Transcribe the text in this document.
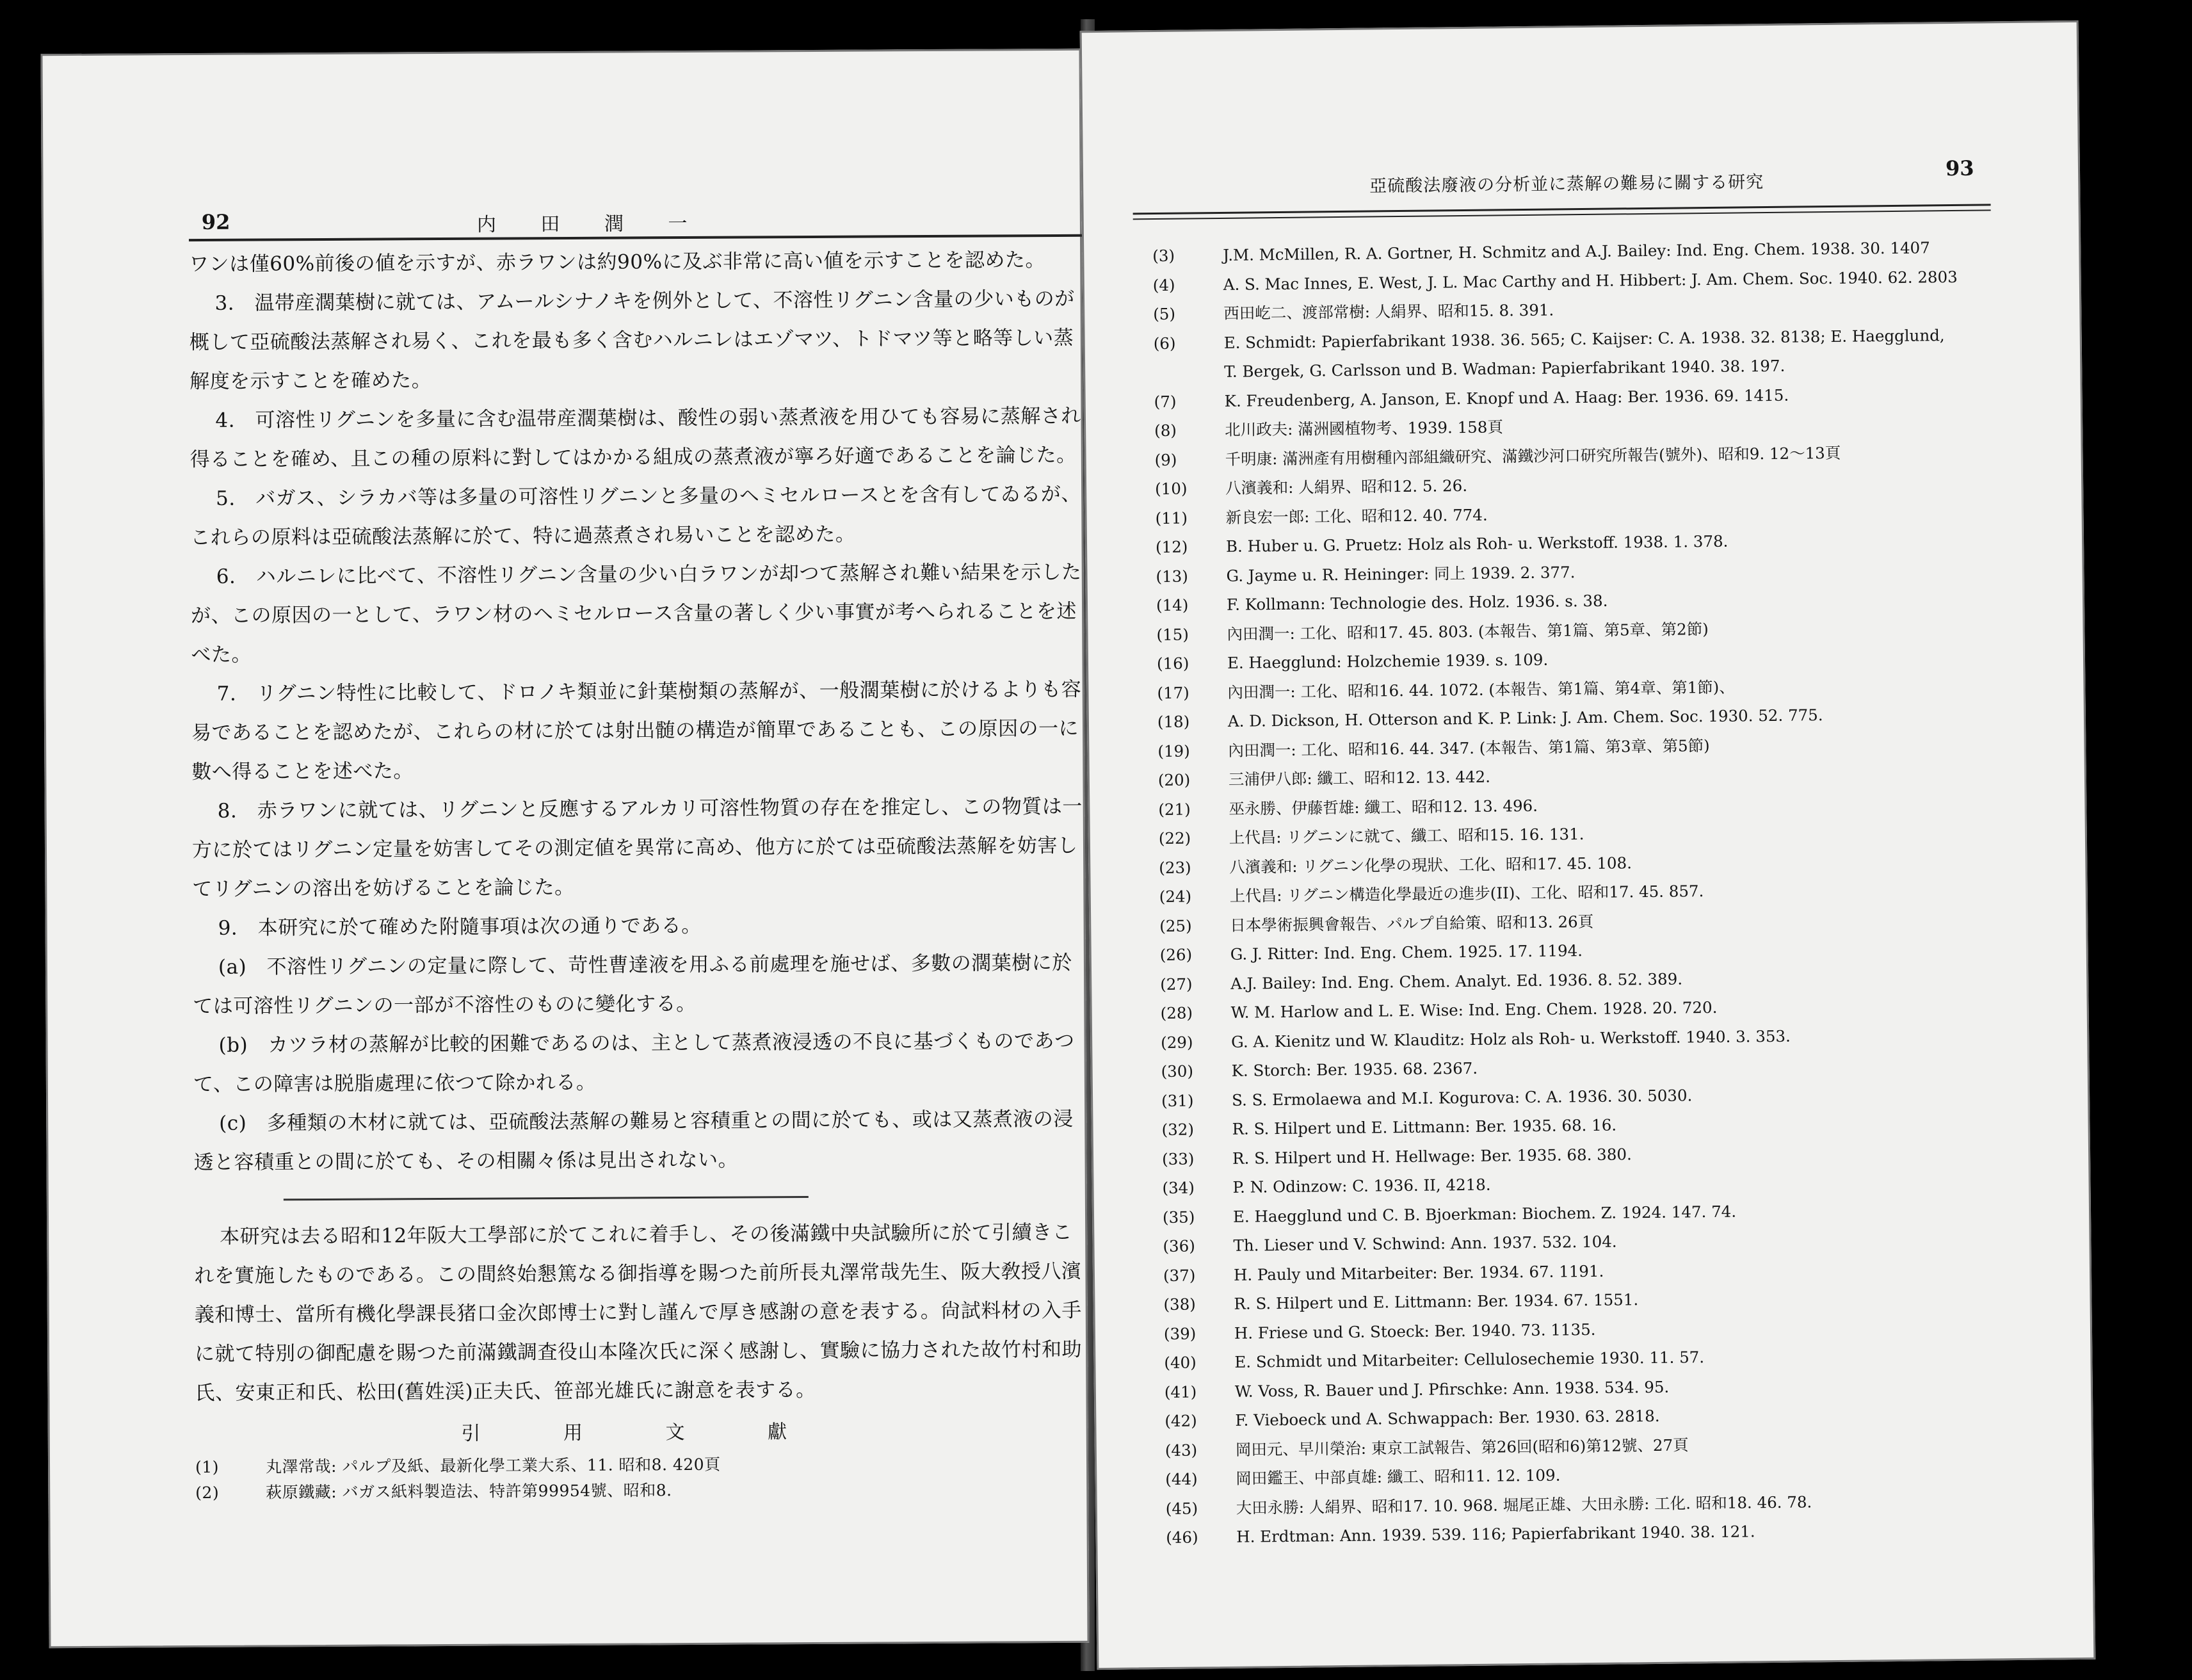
92	内 田 潤 一

ワンは僅60%前後の値を示すが、赤ラワンは約90%に及ぶ非常に高い値を示すことを認めた。

3.　温帯産濶葉樹に就ては、アムールシナノキを例外として、不溶性リグニン含量の少いものが概して亞硫酸法蒸解され易く、これを最も多く含むハルニレはエゾマツ、トドマツ等と略等しい蒸解度を示すことを確めた。

4.　可溶性リグニンを多量に含む温帯産濶葉樹は、酸性の弱い蒸煮液を用ひても容易に蒸解され得ることを確め、且この種の原料に對してはかかる組成の蒸煮液が寧ろ好適であることを論じた。

5.　バガス、シラカバ等は多量の可溶性リグニンと多量のヘミセルロースとを含有してゐるが、これらの原料は亞硫酸法蒸解に於て、特に過蒸煮され易いことを認めた。

6.　ハルニレに比べて、不溶性リグニン含量の少い白ラワンが却つて蒸解され難い結果を示したが、この原因の一として、ラワン材のヘミセルロース含量の著しく少い事實が考へられることを述べた。

7.　リグニン特性に比較して、ドロノキ類並に針葉樹類の蒸解が、一般濶葉樹に於けるよりも容易であることを認めたが、これらの材に於ては射出髄の構造が簡單であることも、この原因の一に數へ得ることを述べた。

8.　赤ラワンに就ては、リグニンと反應するアルカリ可溶性物質の存在を推定し、この物質は一方に於てはリグニン定量を妨害してその測定値を異常に高め、他方に於ては亞硫酸法蒸解を妨害してリグニンの溶出を妨げることを論じた。

9.　本研究に於て確めた附隨事項は次の通りである。

(a)　不溶性リグニンの定量に際して、苛性曹達液を用ふる前處理を施せば、多數の濶葉樹に於ては可溶性リグニンの一部が不溶性のものに變化する。

(b)　カツラ材の蒸解が比較的困難であるのは、主として蒸煮液浸透の不良に基づくものであつて、この障害は脱脂處理に依つて除かれる。

(c)　多種類の木材に就ては、亞硫酸法蒸解の難易と容積重との間に於ても、或は又蒸煮液の浸透と容積重との間に於ても、その相關々係は見出されない。

本研究は去る昭和12年阪大工學部に於てこれに着手し、その後滿鐵中央試驗所に於て引續きこれを實施したものである。この間終始懇篤なる御指導を賜つた前所長丸澤常哉先生、阪大敎授八濱義和博士、當所有機化學課長猪口金次郎博士に對し謹んで厚き感謝の意を表する。尙試料材の入手に就て特別の御配慮を賜つた前滿鐵調査役山本隆次氏に深く感謝し、實驗に協力された故竹村和助氏、安東正和氏、松田(舊姓渓)正夫氏、笹部光雄氏に謝意を表する。

引 用 文 獻
(1)	丸澤常哉: パルプ及紙、最新化學工業大系、11. 昭和8. 420頁
(2)	萩原鐵藏: バガス紙料製造法、特許第99954號、昭和8.
亞硫酸法廢液の分析並に蒸解の難易に關する研究
93
(3)	J.M. McMillen, R. A. Gortner, H. Schmitz and A.J. Bailey: Ind. Eng. Chem. 1938. 30. 1407
(4)	A. S. Mac Innes, E. West, J. L. Mac Carthy and H. Hibbert: J. Am. Chem. Soc. 1940. 62. 2803
(5)	西田屹二、渡部常樹: 人絹界、昭和15. 8. 391.
(6)	E. Schmidt: Papierfabrikant 1938. 36. 565; C. Kaijser: C. A. 1938. 32. 8138; E. Haegglund,
T. Bergek, G. Carlsson und B. Wadman: Papierfabrikant 1940. 38. 197.
(7)	K. Freudenberg, A. Janson, E. Knopf und A. Haag: Ber. 1936. 69. 1415.
(8)	北川政夫: 滿洲國植物考、1939. 158頁
(9)	千明康: 滿洲產有用樹種內部組織研究、滿鐵沙河口研究所報告(號外)、昭和9. 12〜13頁
(10) 八濱義和: 人絹界、昭和12. 5. 26.
(11) 新良宏一郎: 工化、昭和12. 40. 774.
(12) B. Huber u. G. Pruetz: Holz als Roh- u. Werkstoff. 1938. 1. 378.
(13) G. Jayme u. R. Heininger: 同上 1939. 2. 377.
(14) F. Kollmann: Technologie des. Holz. 1936. s. 38.
(15) 內田潤一: 工化、昭和17. 45. 803. (本報告、第1篇、第5章、第2節)
(16) E. Haegglund: Holzchemie 1939. s. 109.
(17) 內田潤一: 工化、昭和16. 44. 1072. (本報告、第1篇、第4章、第1節)、
(18) A. D. Dickson, H. Otterson and K. P. Link: J. Am. Chem. Soc. 1930. 52. 775.
(19) 內田潤一: 工化、昭和16. 44. 347. (本報告、第1篇、第3章、第5節)
(20) 三浦伊八郎: 纖工、昭和12. 13. 442.
(21) 巫永勝、伊藤哲雄: 纖工、昭和12. 13. 496.
(22) 上代昌: リグニンに就て、纖工、昭和15. 16. 131.
(23) 八濱義和: リグニン化學の現狀、工化、昭和17. 45. 108.
(24) 上代昌: リグニン構造化學最近の進步(II)、工化、昭和17. 45. 857.
(25) 日本學術振興會報告、パルプ自給策、昭和13. 26頁
(26) G. J. Ritter: Ind. Eng. Chem. 1925. 17. 1194.
(27) A.J. Bailey: Ind. Eng. Chem. Analyt. Ed. 1936. 8. 52. 389.
(28) W. M. Harlow and L. E. Wise: Ind. Eng. Chem. 1928. 20. 720.
(29) G. A. Kienitz und W. Klauditz: Holz als Roh- u. Werkstoff. 1940. 3. 353.
(30) K. Storch: Ber. 1935. 68. 2367.
(31) S. S. Ermolaewa and M.I. Kogurova: C. A. 1936. 30. 5030.
(32) R. S. Hilpert und E. Littmann: Ber. 1935. 68. 16.
(33) R. S. Hilpert und H. Hellwage: Ber. 1935. 68. 380.
(34) P. N. Odinzow: C. 1936. II, 4218.
(35) E. Haegglund und C. B. Bjoerkman: Biochem. Z. 1924. 147. 74.
(36) Th. Lieser und V. Schwind: Ann. 1937. 532. 104.
(37) H. Pauly und Mitarbeiter: Ber. 1934. 67. 1191.
(38) R. S. Hilpert und E. Littmann: Ber. 1934. 67. 1551.
(39) H. Friese und G. Stoeck: Ber. 1940. 73. 1135.
(40) E. Schmidt und Mitarbeiter: Cellulosechemie 1930. 11. 57.
(41) W. Voss, R. Bauer und J. Pfirschke: Ann. 1938. 534. 95.
(42) F. Vieboeck und A. Schwappach: Ber. 1930. 63. 2818.
(43) 岡田元、早川榮治: 東京工試報告、第26回(昭和6)第12號、27頁
(44) 岡田鑑王、中部貞雄: 纖工、昭和11. 12. 109.
(45) 大田永勝: 人絹界、昭和17. 10. 968. 堀尾正雄、大田永勝: 工化. 昭和18. 46. 78.
(46) H. Erdtman: Ann. 1939. 539. 116; Papierfabrikant 1940. 38. 121.
